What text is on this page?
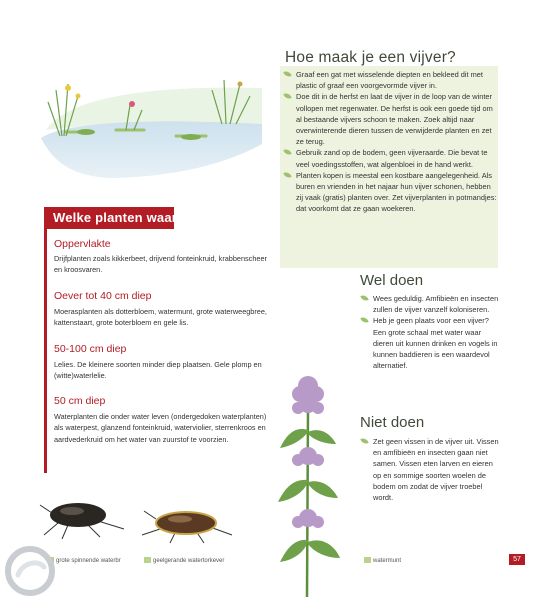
Hoe maak je een vijver?
Graaf een gat met wisselende diepten en bekleed dit met plastic of graaf een voorgevormde vijver in.
Doe dit in de herfst en laat de vijver in de loop van de winter vollopen met regenwater. De herfst is ook een goede tijd om al bestaande vijvers schoon te maken. Zoek altijd naar overwinterende dieren tussen de verwijderde planten en zet ze terug.
Gebruik zand op de bodem, geen vijveraarde. Die bevat te veel voedingsstoffen, wat algenbloei in de hand werkt.
Planten kopen is meestal een kostbare aangelegenheid. Als buren en vrienden in het najaar hun vijver schonen, hebben zij vaak (gratis) planten over. Zet vijverplanten in potmandjes: dat voorkomt dat ze gaan woekeren.
Wel doen
Wees geduldig. Amfibieën en insecten zullen de vijver vanzelf koloniseren.
Heb je geen plaats voor een vijver? Een grote schaal met water waar dieren uit kunnen drinken en vogels in kunnen baddieren is een waardevol alternatief.
Niet doen
Zet geen vissen in de vijver uit. Vissen en amfibieën en insecten gaan niet samen. Vissen eten larven en eieren op en sommige soorten woelen de bodem om zodat de vijver troebel wordt.
Welke planten waar?
Oppervlakte

Drijfplanten zoals kikkerbeet, drijvend fonteinkruid, krabbenscheer en kroosvaren.

Oever tot 40 cm diep

Moerasplanten als dotterbloem, watermunt, grote waterweegbree, kattenstaart, grote boterbloem en gele lis.

50-100 cm diep

Lelies. De kleinere soorten minder diep plaatsen. Gele plomp en (witte)waterlelie.

50 cm diep

Waterplanten die onder water leven (ondergedoken waterplanten) als waterpest, glanzend fonteinkruid, waterviolier, sterrenkroos en aardvederkruid om het water van zuurstof te voorzien.

grote spinnende waterbr	geelgerande watertorkever	watermunt	57
